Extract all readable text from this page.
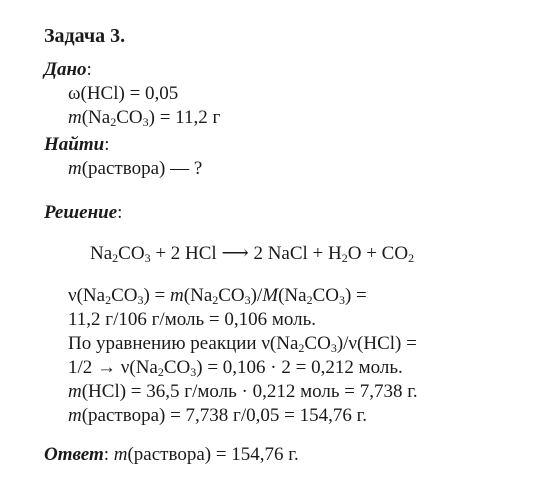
Задача 3.
Дано:
ω(HCl) = 0,05
$m(Na_2CO_3) = 11,2$ г
Найти:
m(раствора) — ?
Решение:
$Na_2CO_3 + 2$ HCl ⟶ 2 NaCl + $H_2O + CO_2$
$\nu(Na_2CO_3) = m(Na_2CO_3)/M(Na_2CO_3)$ =
11,2 г/106 г/моль = 0,106 моль.
По уравнению реакции $\nu(Na_2CO_3)/\nu(HCl)$ =
$1/2 \to \nu(Na_2CO_3) = 0,106 \cdot 2 = 0,212$ моль.
m(HCl) = 36,5 г/моль · 0,212 моль = 7,738 г.
m(раствора) = 7,738 г/0,05 = 154,76 г.
Ответ: m(раствора) = 154,76 г.
